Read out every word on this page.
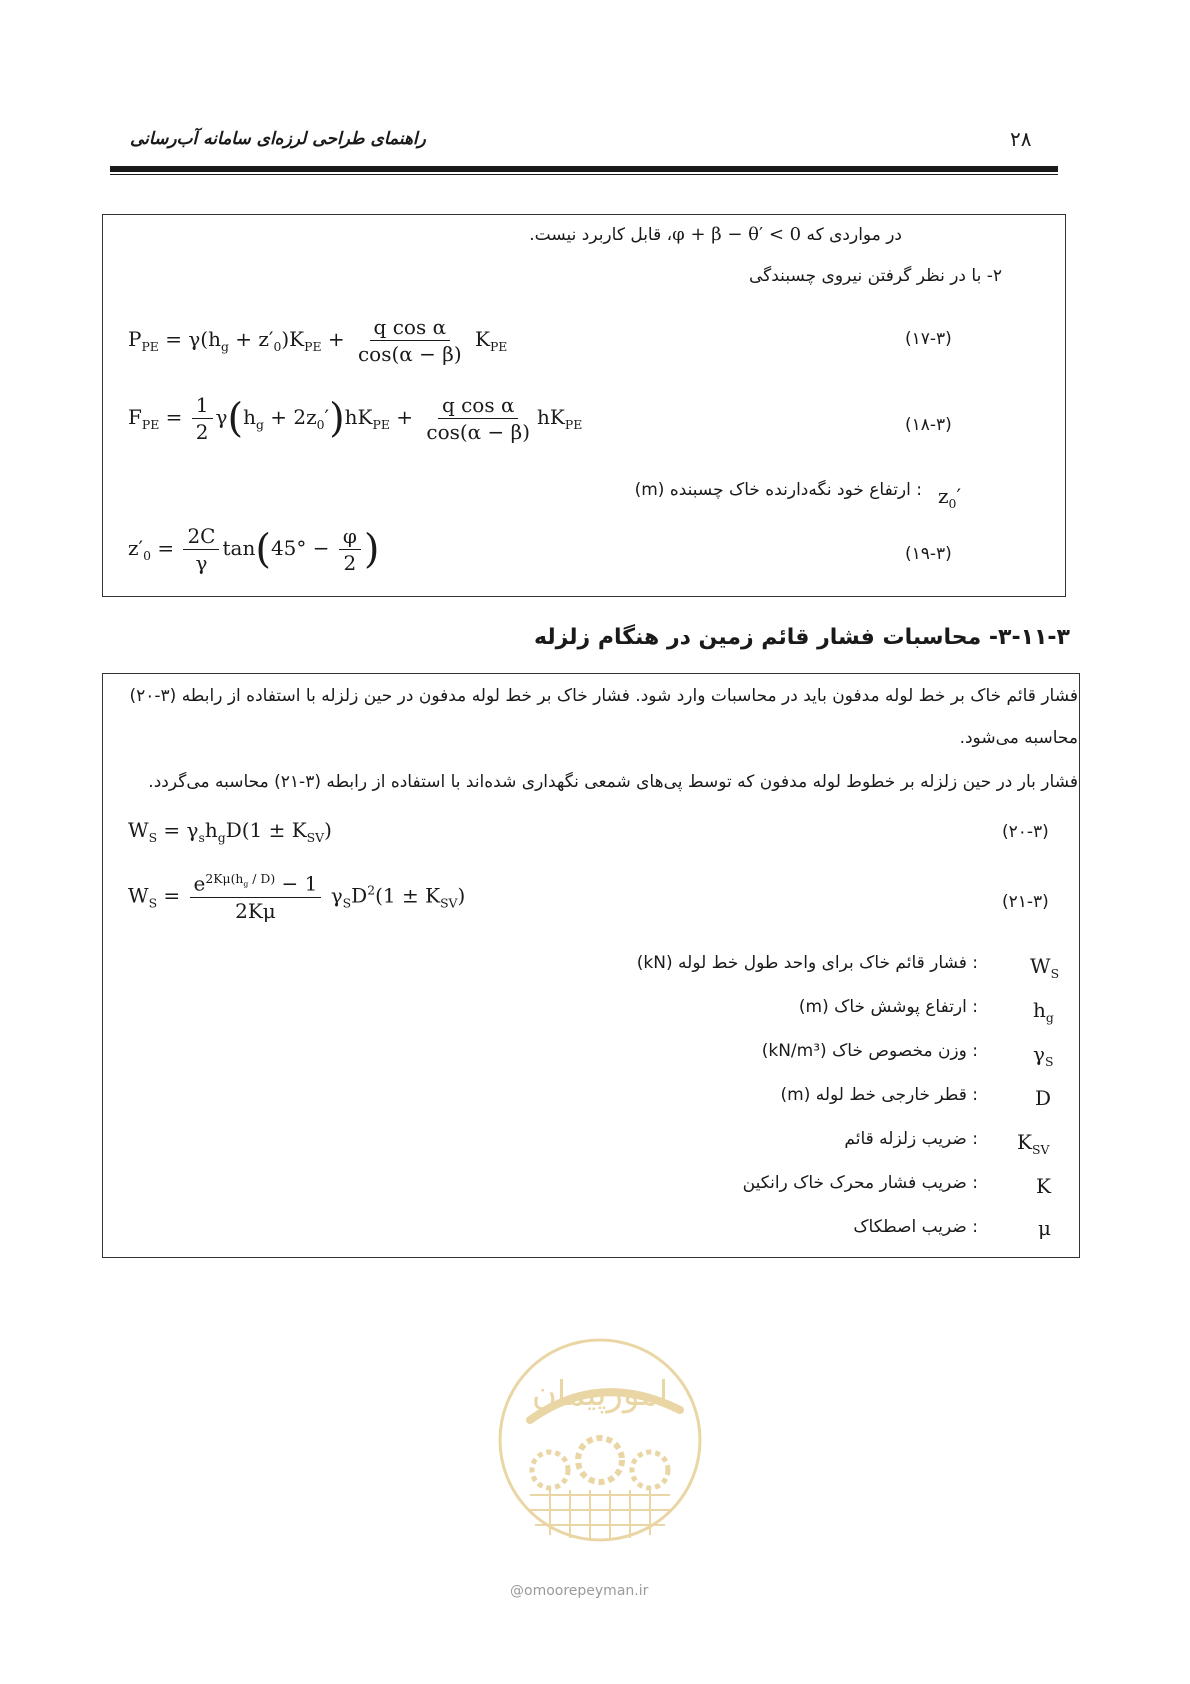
۲۸
راهنمای طراحی لرزه‌ای سامانه آب‌رسانی
در مواردی که φ + β − θ′ < 0، قابل کاربرد نیست.
۲- با در نظر گرفتن نیروی چسبندگی
$P_{PE} = \gamma(h_g + z'_0)K_{PE} + \frac{\text{q cos α}}{\cos(\alpha - \beta)} K_{PE}$	(۱۷-۳)
$F_{PE} = \frac{1}{2} \gamma(h_g + 2z_0')hK_{PE} + \frac{\text{q cos α}}{\cos(\alpha - \beta)} hK_{PE}$	(۱۸-۳)
$z_0'$
: ارتفاع خود نگه‌دارنده خاک چسبنده (m)
$z'_0 = \frac{2C}{\gamma} \tan(45^\circ - \frac{\varphi}{2}$ )	(۱۹-۳)
۳-۱۱-۳- محاسبات فشار قائم زمین در هنگام زلزله
فشار قائم خاک بر خط لوله مدفون باید در محاسبات وارد شود. فشار خاک بر خط لوله مدفون در حین زلزله با استفاده از رابطه (۳-۲۰)
محاسبه می‌شود.
فشار بار در حین زلزله بر خطوط لوله مدفون که توسط پی‌های شمعی نگهداری شده‌اند با استفاده از رابطه (۳-۲۱) محاسبه می‌گردد.
$W_S = \gamma_sh_gD(1 \pm K_{SV})$	(۲۰-۳)
$W_S = \frac{e^{2K\mu(h_g / D)} - 1}{2K\mu} \gamma_SD^2(1 \pm K_{SV})$	(۲۱-۳)
$W_S$
: فشار قائم خاک برای واحد طول خط لوله (kN)
$h_g$
: ارتفاع پوشش خاک (m)
$\gamma_S$
: وزن مخصوص خاک (kN/m³)
D
: قطر خارجی خط لوله (m)
$K_{SV}$
: ضریب زلزله قائم
K
: ضریب فشار محرک خاک رانکین
μ
: ضریب اصطکاک
امورپیمان
@omoorepeyman.ir
